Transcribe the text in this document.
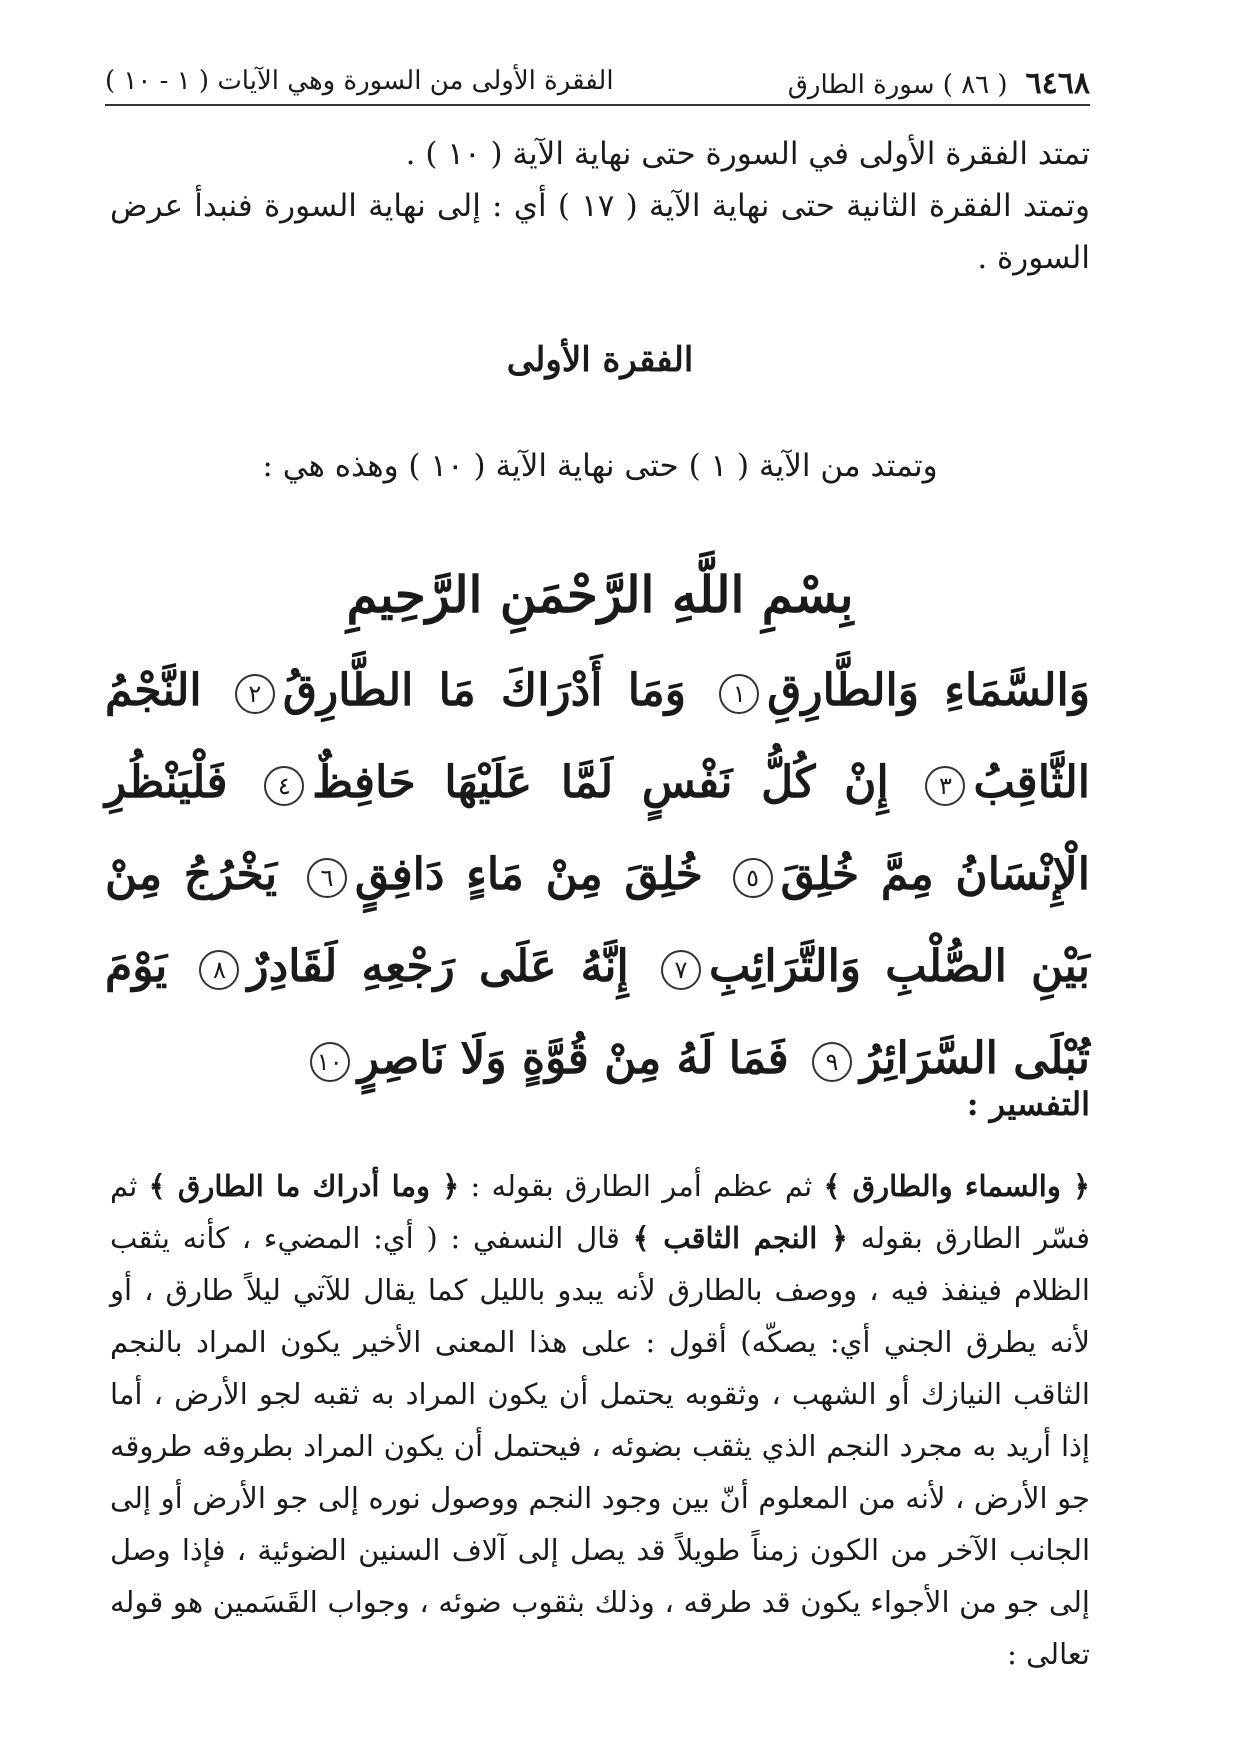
٦٤٦٨
( ٨٦ ) سورة الطارق
الفقرة الأولى من السورة وهي الآيات ( ١ - ١٠ )
تمتد الفقرة الأولى في السورة حتى نهاية الآية ( ١٠ ) .
وتمتد الفقرة الثانية حتى نهاية الآية ( ١٧ ) أي : إلى نهاية السورة فنبدأ عرض السورة .
الفقرة الأولى
وتمتد من الآية ( ١ ) حتى نهاية الآية ( ١٠ ) وهذه هي :
بِسْمِ اللَّهِ الرَّحْمَنِ الرَّحِيمِ
وَالسَّمَاءِ وَالطَّارِقِ١ وَمَا أَدْرَاكَ مَا الطَّارِقُ٢ النَّجْمُ الثَّاقِبُ٣ إِنْ كُلُّ نَفْسٍ لَمَّا عَلَيْهَا حَافِظٌ٤ فَلْيَنْظُرِ الْإِنْسَانُ مِمَّ خُلِقَ٥ خُلِقَ مِنْ مَاءٍ دَافِقٍ٦ يَخْرُجُ مِنْ بَيْنِ الصُّلْبِ وَالتَّرَائِبِ٧ إِنَّهُ عَلَى رَجْعِهِ لَقَادِرٌ٨ يَوْمَ تُبْلَى السَّرَائِرُ٩ فَمَا لَهُ مِنْ قُوَّةٍ وَلَا نَاصِرٍ١٠
التفسير :
﴿ والسماء والطارق ﴾ ثم عظم أمر الطارق بقوله : ﴿ وما أدراك ما الطارق ﴾ ثم فسّر الطارق بقوله ﴿ النجم الثاقب ﴾ قال النسفي : ( أي: المضيء ، كأنه يثقب الظلام فينفذ فيه ، ووصف بالطارق لأنه يبدو بالليل كما يقال للآتي ليلاً طارق ، أو لأنه يطرق الجني أي: يصكّه) أقول : على هذا المعنى الأخير يكون المراد بالنجم الثاقب النيازك أو الشهب ، وثقوبه يحتمل أن يكون المراد به ثقبه لجو الأرض ، أما إذا أريد به مجرد النجم الذي يثقب بضوئه ، فيحتمل أن يكون المراد بطروقه طروقه جو الأرض ، لأنه من المعلوم أنّ بين وجود النجم ووصول نوره إلى جو الأرض أو إلى الجانب الآخر من الكون زمناً طويلاً قد يصل إلى آلاف السنين الضوئية ، فإذا وصل إلى جو من الأجواء يكون قد طرقه ، وذلك بثقوب ضوئه ، وجواب القَسَمين هو قوله تعالى :
